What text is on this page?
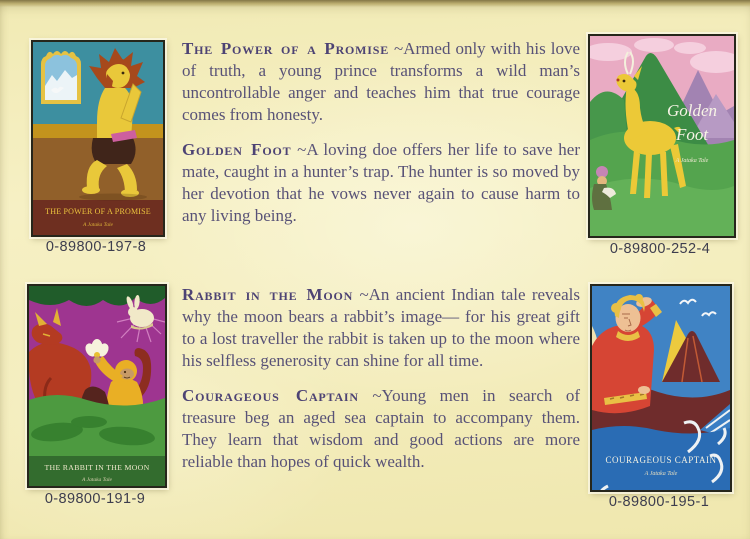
THE POWER OF A PROMISE
A Jataka Tale
0-89800-197-8
Golden
Foot
A Jataka Tale
0-89800-252-4
THE RABBIT IN THE MOON
A Jataka Tale
0-89800-191-9
COURAGEOUS CAPTAIN
A Jataka Tale
0-89800-195-1

The Power of a Promise ~Armed only with his love of truth, a young prince transforms a wild man’s uncontrollable anger and teaches him that true courage comes from honesty.

Golden Foot ~A loving doe offers her life to save her mate, caught in a hunter’s trap. The hunter is so moved by her devotion that he vows never again to cause harm to any living being.

Rabbit in the Moon ~An ancient Indian tale reveals why the moon bears a rabbit’s image— for his great gift to a lost traveller the rabbit is taken up to the moon where his selfless generosity can shine for all time.

Courageous Captain ~Young men in search of treasure beg an aged sea captain to accompany them. They learn that wisdom and good actions are more reliable than hopes of quick wealth.
